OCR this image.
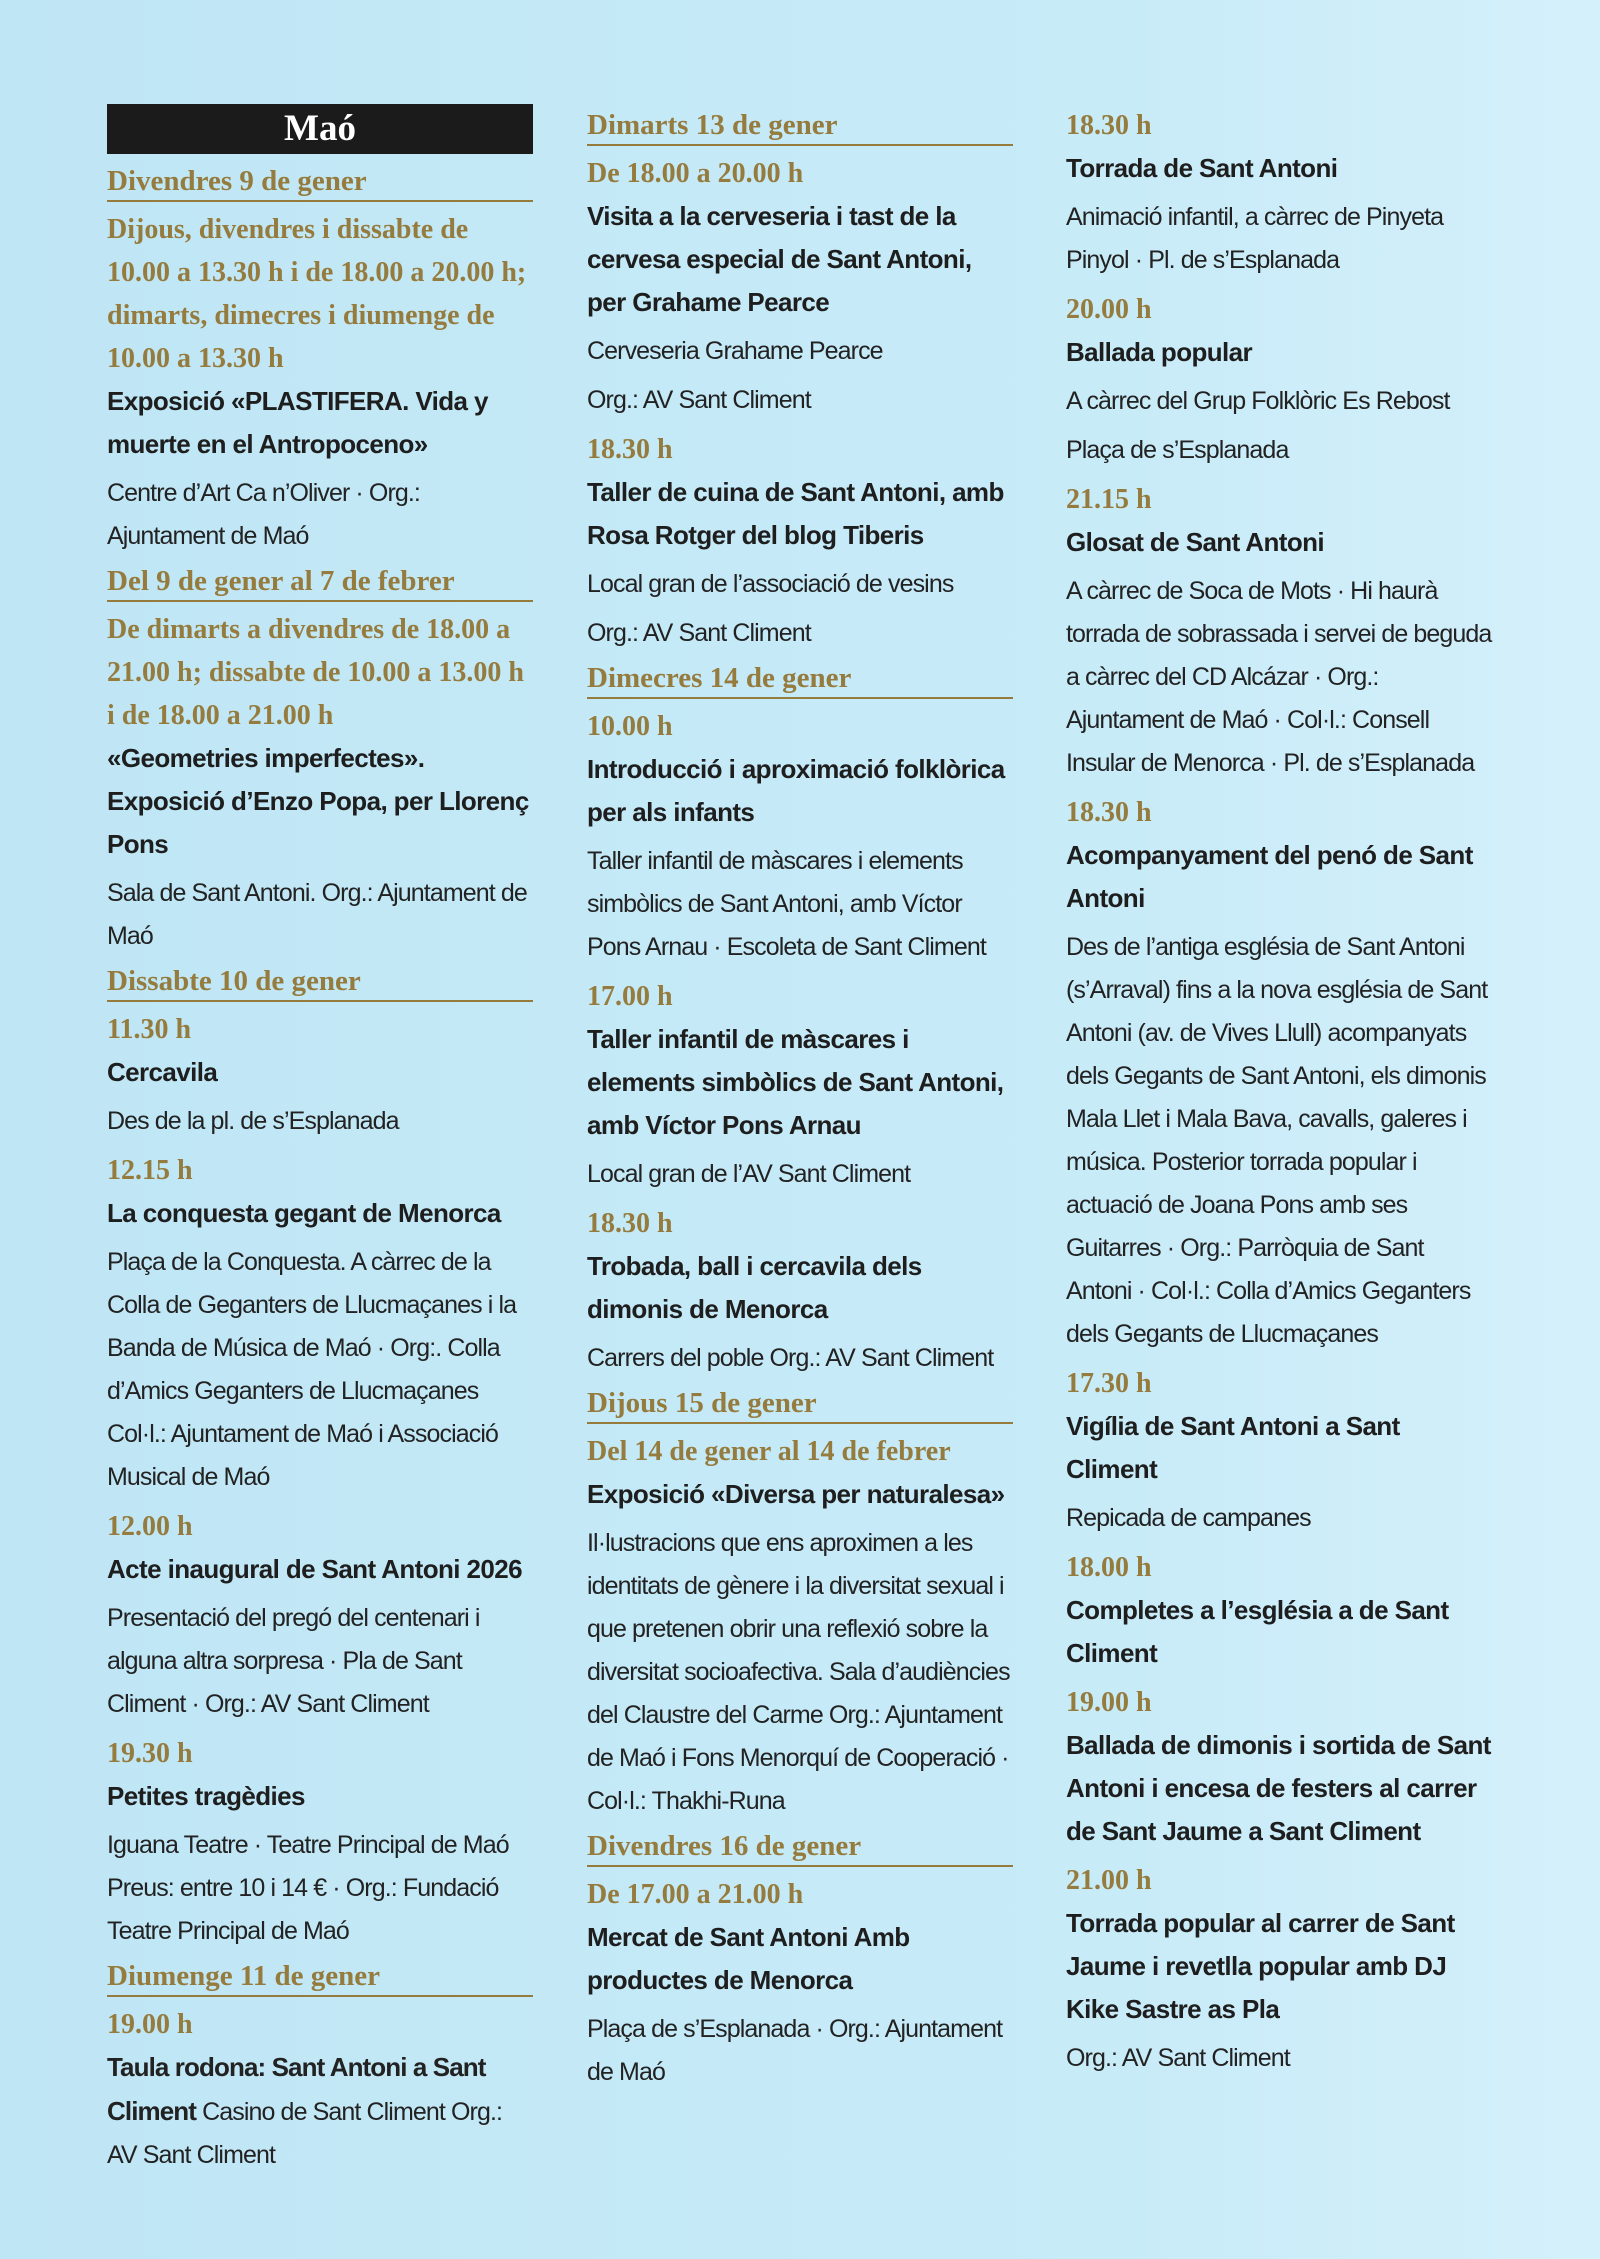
Maó
Divendres 9 de gener
Dijous, divendres i dissabte de 10.00 a 13.30 h i de 18.00 a 20.00 h; dimarts, dimecres i diumenge de 10.00 a 13.30 h
Exposició «PLASTIFERA. Vida y muerte en el Antropoceno»
Centre d’Art Ca n’Oliver · Org.: Ajuntament de Maó
Del 9 de gener al 7 de febrer
De dimarts a divendres de 18.00 a 21.00 h; dissabte de 10.00 a 13.00 h i de 18.00 a 21.00 h
«Geometries imperfectes». Exposició d’Enzo Popa, per Llorenç Pons
Sala de Sant Antoni. Org.: Ajuntament de Maó
Dissabte 10 de gener
11.30 h
Cercavila
Des de la pl. de s’Esplanada
12.15 h
La conquesta gegant de Menorca
Plaça de la Conquesta. A càrrec de la Colla de Geganters de Llucmaçanes i la Banda de Música de Maó · Org:. Colla d’Amics Geganters de Llucmaçanes Col·l.: Ajuntament de Maó i Associació Musical de Maó
12.00 h
Acte inaugural de Sant Antoni 2026
Presentació del pregó del centenari i alguna altra sorpresa · Pla de Sant Climent · Org.: AV Sant Climent
19.30 h
Petites tragèdies
Iguana Teatre · Teatre Principal de Maó Preus: entre 10 i 14 € · Org.: Fundació Teatre Principal de Maó
Diumenge 11 de gener
19.00 h
Taula rodona: Sant Antoni a Sant Climent Casino de Sant Climent Org.: AV Sant Climent
Dimarts 13 de gener
De 18.00 a 20.00 h
Visita a la cerveseria i tast de la cervesa especial de Sant Antoni, per Grahame Pearce
Cerveseria Grahame Pearce
Org.: AV Sant Climent
18.30 h
Taller de cuina de Sant Antoni, amb Rosa Rotger del blog Tiberis
Local gran de l’associació de vesins
Org.: AV Sant Climent
Dimecres 14 de gener
10.00 h
Introducció i aproximació folklòrica per als infants
Taller infantil de màscares i elements simbòlics de Sant Antoni, amb Víctor Pons Arnau · Escoleta de Sant Climent
17.00 h
Taller infantil de màscares i elements simbòlics de Sant Antoni, amb Víctor Pons Arnau
Local gran de l’AV Sant Climent
18.30 h
Trobada, ball i cercavila dels dimonis de Menorca
Carrers del poble Org.: AV Sant Climent
Dijous 15 de gener
Del 14 de gener al 14 de febrer
Exposició «Diversa per naturalesa»
Il·lustracions que ens aproximen a les identitats de gènere i la diversitat sexual i que pretenen obrir una reflexió sobre la diversitat socioafectiva. Sala d’audiències del Claustre del Carme Org.: Ajuntament de Maó i Fons Menorquí de Cooperació · Col·l.: Thakhi-Runa
Divendres 16 de gener
De 17.00 a 21.00 h
Mercat de Sant Antoni Amb productes de Menorca
Plaça de s’Esplanada · Org.: Ajuntament de Maó
18.30 h
Torrada de Sant Antoni
Animació infantil, a càrrec de Pinyeta Pinyol · Pl. de s’Esplanada
20.00 h
Ballada popular
A càrrec del Grup Folklòric Es Rebost
Plaça de s’Esplanada
21.15 h
Glosat de Sant Antoni
A càrrec de Soca de Mots · Hi haurà torrada de sobrassada i servei de beguda a càrrec del CD Alcázar · Org.: Ajuntament de Maó · Col·l.: Consell Insular de Menorca · Pl. de s’Esplanada
18.30 h
Acompanyament del penó de Sant Antoni
Des de l’antiga església de Sant Antoni (s’Arraval) fins a la nova església de Sant Antoni (av. de Vives Llull) acompanyats dels Gegants de Sant Antoni, els dimonis Mala Llet i Mala Bava, cavalls, galeres i música. Posterior torrada popular i actuació de Joana Pons amb ses Guitarres · Org.: Parròquia de Sant Antoni · Col·l.: Colla d’Amics Geganters dels Gegants de Llucmaçanes
17.30 h
Vigília de Sant Antoni a Sant Climent
Repicada de campanes
18.00 h
Completes a l’església a de Sant Climent
19.00 h
Ballada de dimonis i sortida de Sant Antoni i encesa de festers al carrer de Sant Jaume a Sant Climent
21.00 h
Torrada popular al carrer de Sant Jaume i revetlla popular amb DJ Kike Sastre as Pla
Org.: AV Sant Climent
